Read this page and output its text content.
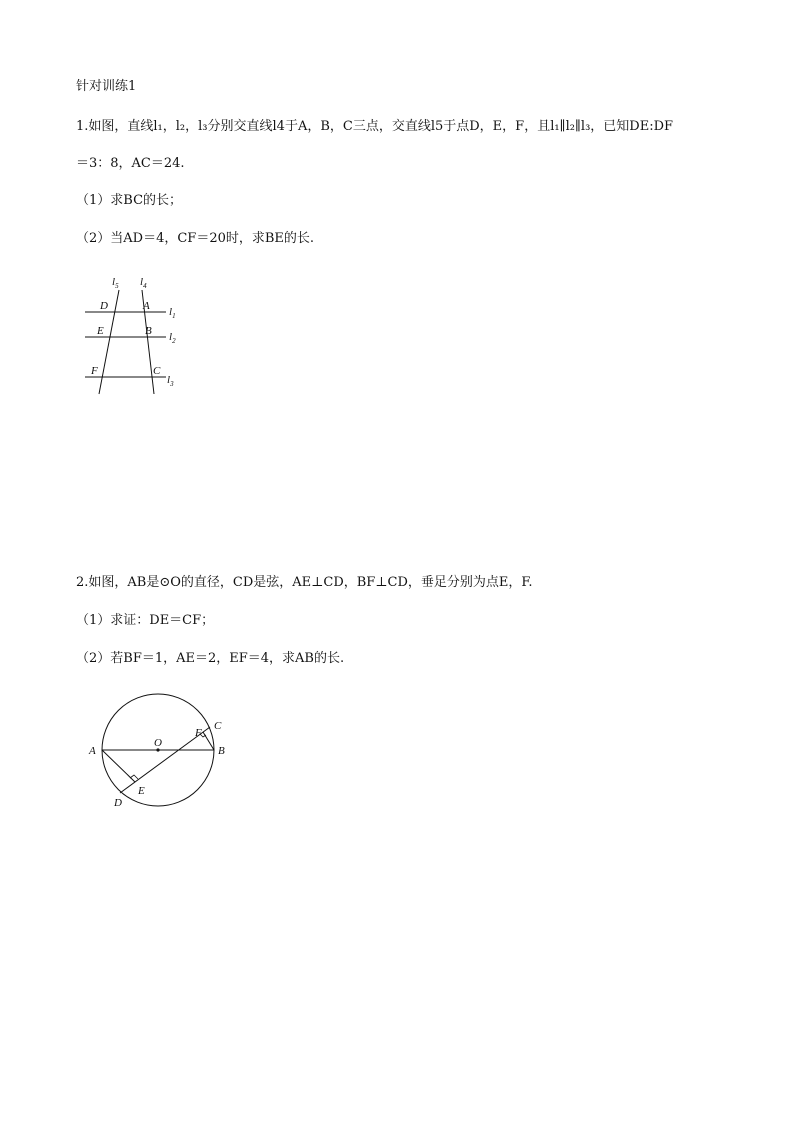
针对训练1
1.如图，直线l₁，l₂，l₃分别交直线l4于A，B，C三点，交直线l5于点D，E，F，且l₁∥l₂∥l₃，已知DE:DF
＝3：8，AC＝24.
（1）求BC的长；
（2）当AD＝4，CF＝20时，求BE的长.
$l_5$ $l_4$
D	A $l_1$
E	B $l_2$
F	C
$l_3$
2.如图，AB是⊙O的直径，CD是弦，AE⊥CD，BF⊥CD，垂足分别为点E，F.
（1）求证：DE＝CF；
（2）若BF＝1，AE＝2，EF＝4，求AB的长.
A
O
B
C
F
D
E
